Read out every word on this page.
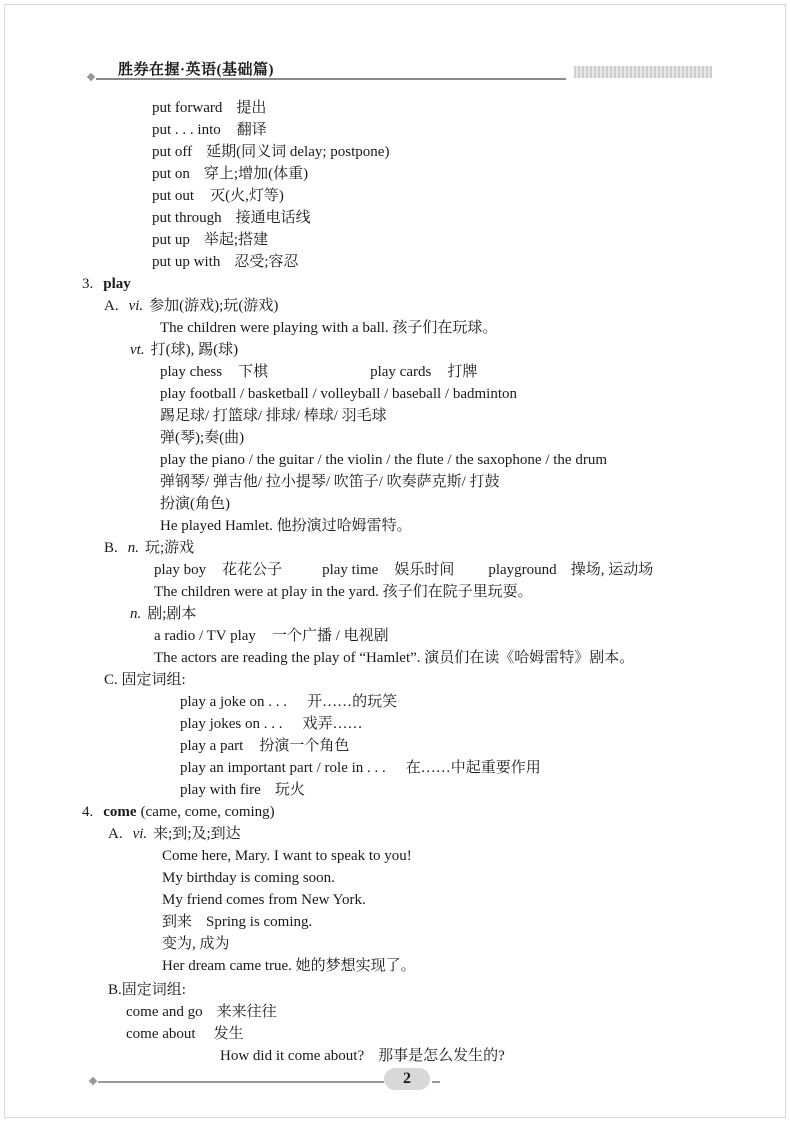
胜券在握·英语(基础篇)
put forward 提出
put . . . into 翻译
put off 延期(同义词 delay; postpone)
put on 穿上;增加(体重)
put out 灭(火,灯等)
put through 接通电话线
put up 举起;搭建
put up with 忍受;容忍
3. play
A. vi. 参加(游戏);玩(游戏)
The children were playing with a ball. 孩子们在玩球。
vt. 打(球), 踢(球)
play chess 下棋	play cards 打牌
play football / basketball / volleyball / baseball / badminton
踢足球/ 打篮球/ 排球/ 棒球/ 羽毛球
弹(琴);奏(曲)
play the piano / the guitar / the violin / the flute / the saxophone / the drum
弹钢琴/ 弹吉他/ 拉小提琴/ 吹笛子/ 吹奏萨克斯/ 打鼓
扮演(角色)
He played Hamlet. 他扮演过哈姆雷特。
B. n. 玩;游戏
play boy 花花公子	play time 娱乐时间 playground 操场, 运动场
The children were at play in the yard. 孩子们在院子里玩耍。
n. 剧;剧本
a radio / TV play 一个广播 / 电视剧
The actors are reading the play of “Hamlet”. 演员们在读《哈姆雷特》剧本。
C. 固定词组:
play a joke on . . . 开……的玩笑
play jokes on . . . 戏弄……
play a part 扮演一个角色
play an important part / role in . . . 在……中起重要作用
play with fire 玩火
4. come (came, come, coming)
A. vi. 来;到;及;到达
Come here, Mary. I want to speak to you!
My birthday is coming soon.
My friend comes from New York.
到来 Spring is coming.
变为, 成为
Her dream came true. 她的梦想实现了。
B.固定词组:
come and go 来来往往
come about 发生
How did it come about? 那事是怎么发生的?
2
